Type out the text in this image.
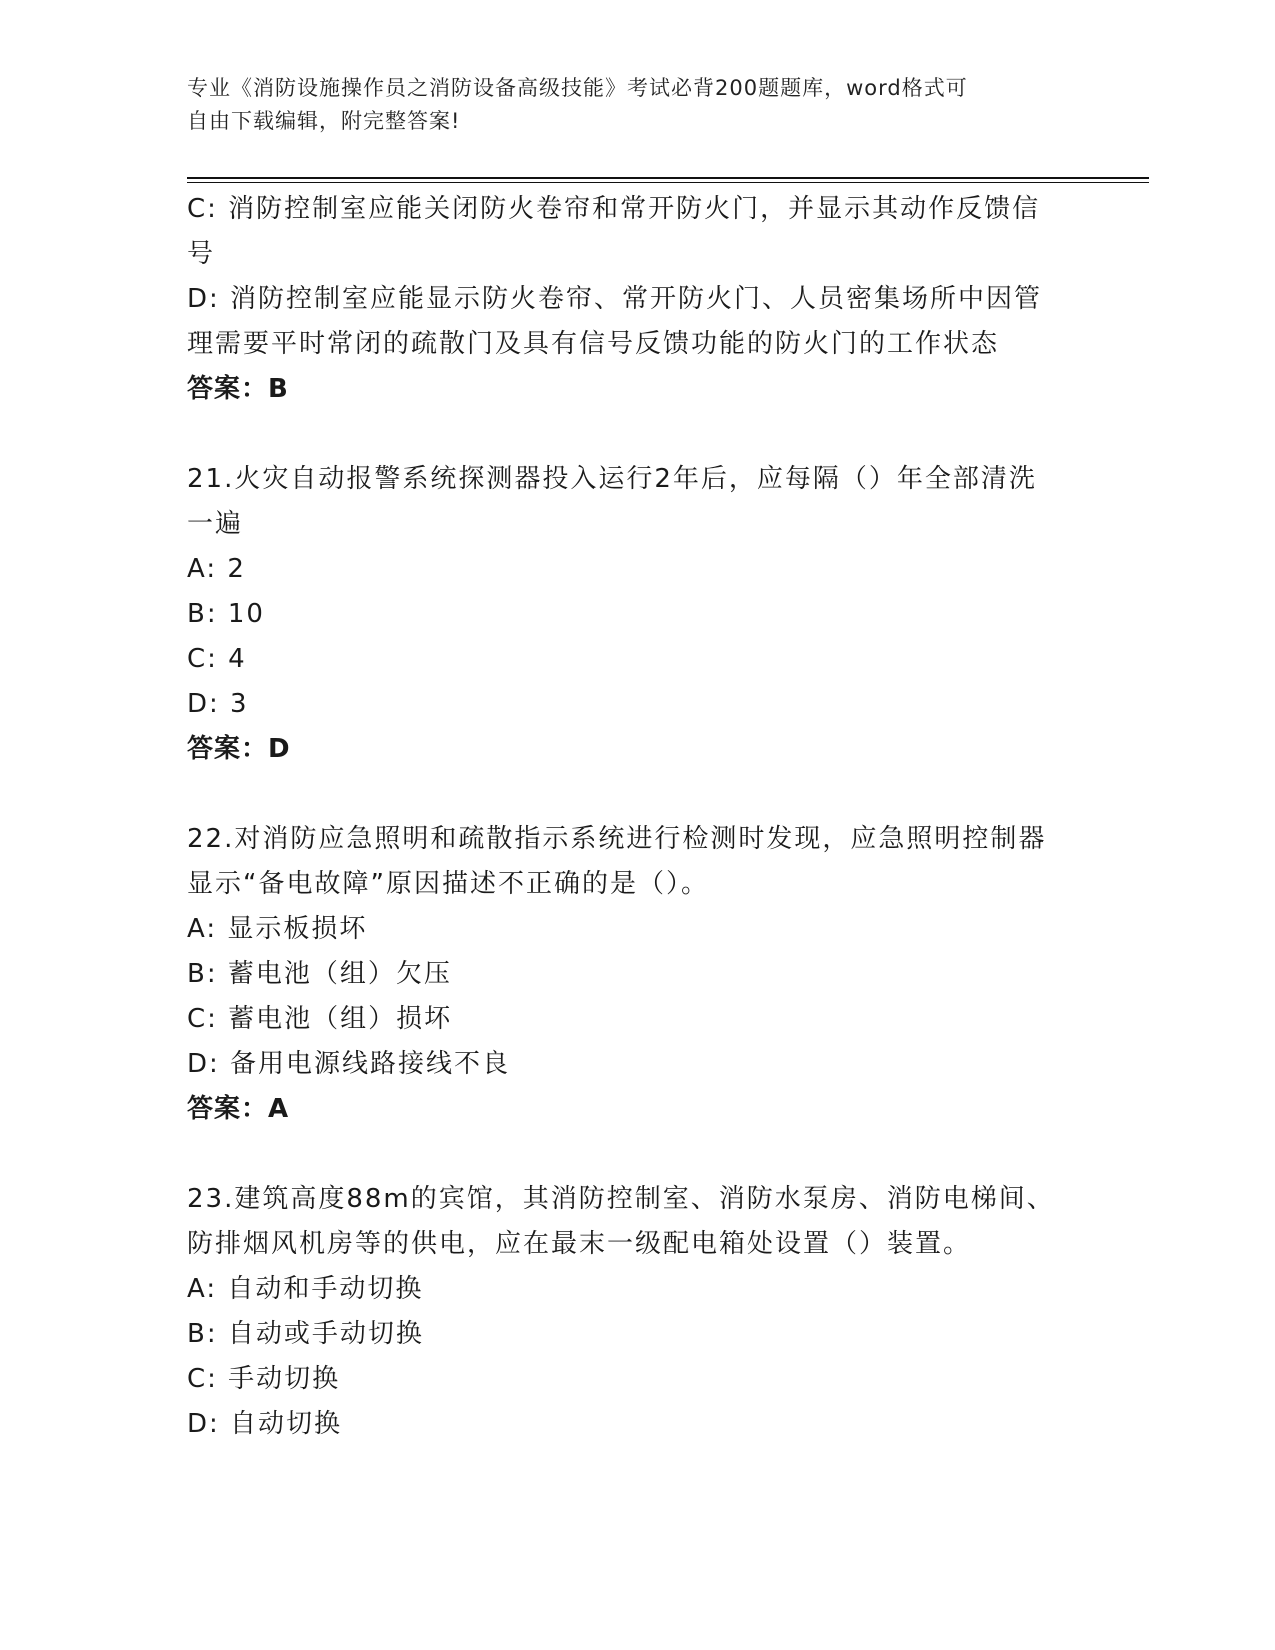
专业《消防设施操作员之消防设备高级技能》考试必背200题题库，word格式可
自由下载编辑，附完整答案!
C: 消防控制室应能关闭防火卷帘和常开防火门，并显示其动作反馈信
号
D: 消防控制室应能显示防火卷帘、常开防火门、人员密集场所中因管
理需要平时常闭的疏散门及具有信号反馈功能的防火门的工作状态
答案：B
21.火灾自动报警系统探测器投入运行2年后，应每隔（）年全部清洗
一遍
A: 2
B: 10
C: 4
D: 3
答案：D
22.对消防应急照明和疏散指示系统进行检测时发现，应急照明控制器
显示“备电故障”原因描述不正确的是（）。
A: 显示板损坏
B: 蓄电池（组）欠压
C: 蓄电池（组）损坏
D: 备用电源线路接线不良
答案：A
23.建筑高度88m的宾馆，其消防控制室、消防水泵房、消防电梯间、
防排烟风机房等的供电，应在最末一级配电箱处设置（）装置。
A: 自动和手动切换
B: 自动或手动切换
C: 手动切换
D: 自动切换
